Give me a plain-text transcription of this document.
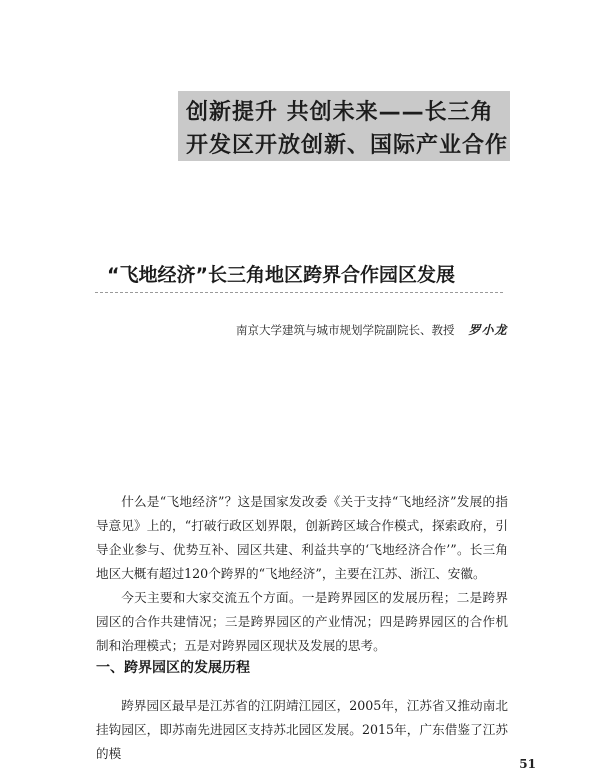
创新提升 共创未来——长三角
开发区开放创新、国际产业合作
“飞地经济”长三角地区跨界合作园区发展
南京大学建筑与城市规划学院副院长、教授 罗小龙

什么是“飞地经济”？这是国家发改委《关于支持“飞地经济”发展的指导意见》上的，“打破行政区划界限，创新跨区域合作模式，探索政府，引导企业参与、优势互补、园区共建、利益共享的‘飞地经济合作’”。长三角地区大概有超过120个跨界的“飞地经济”，主要在江苏、浙江、安徽。

今天主要和大家交流五个方面。一是跨界园区的发展历程；二是跨界园区的合作共建情况；三是跨界园区的产业情况；四是跨界园区的合作机制和治理模式；五是对跨界园区现状及发展的思考。

一、跨界园区的发展历程

跨界园区最早是江苏省的江阴靖江园区，2005年，江苏省又推动南北挂钩园区，即苏南先进园区支持苏北园区发展。2015年，广东借鉴了江苏的模

51
